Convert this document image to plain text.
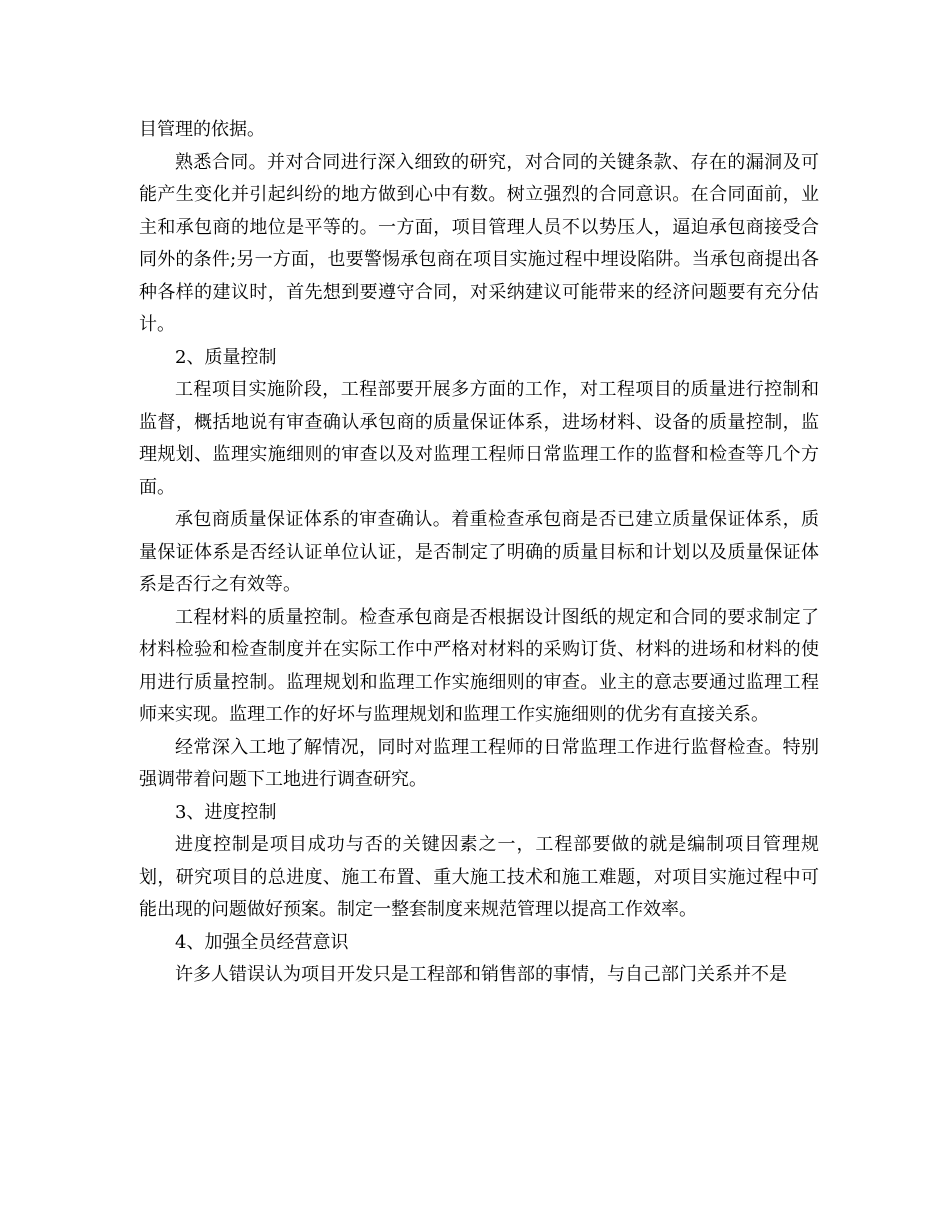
目管理的依据。

熟悉合同。并对合同进行深入细致的研究，对合同的关键条款、存在的漏洞及可能产生变化并引起纠纷的地方做到心中有数。树立强烈的合同意识。在合同面前，业主和承包商的地位是平等的。一方面，项目管理人员不以势压人，逼迫承包商接受合同外的条件;另一方面，也要警惕承包商在项目实施过程中埋设陷阱。当承包商提出各种各样的建议时，首先想到要遵守合同，对采纳建议可能带来的经济问题要有充分估计。

2、质量控制

工程项目实施阶段，工程部要开展多方面的工作，对工程项目的质量进行控制和监督，概括地说有审查确认承包商的质量保证体系，进场材料、设备的质量控制，监理规划、监理实施细则的审查以及对监理工程师日常监理工作的监督和检查等几个方面。

承包商质量保证体系的审查确认。着重检查承包商是否已建立质量保证体系，质量保证体系是否经认证单位认证，是否制定了明确的质量目标和计划以及质量保证体系是否行之有效等。

工程材料的质量控制。检查承包商是否根据设计图纸的规定和合同的要求制定了材料检验和检查制度并在实际工作中严格对材料的采购订货、材料的进场和材料的使用进行质量控制。监理规划和监理工作实施细则的审查。业主的意志要通过监理工程师来实现。监理工作的好坏与监理规划和监理工作实施细则的优劣有直接关系。

经常深入工地了解情况，同时对监理工程师的日常监理工作进行监督检查。特别强调带着问题下工地进行调查研究。

3、进度控制

进度控制是项目成功与否的关键因素之一，工程部要做的就是编制项目管理规划，研究项目的总进度、施工布置、重大施工技术和施工难题，对项目实施过程中可能出现的问题做好预案。制定一整套制度来规范管理以提高工作效率。

4、加强全员经营意识

许多人错误认为项目开发只是工程部和销售部的事情，与自己部门关系并不是
